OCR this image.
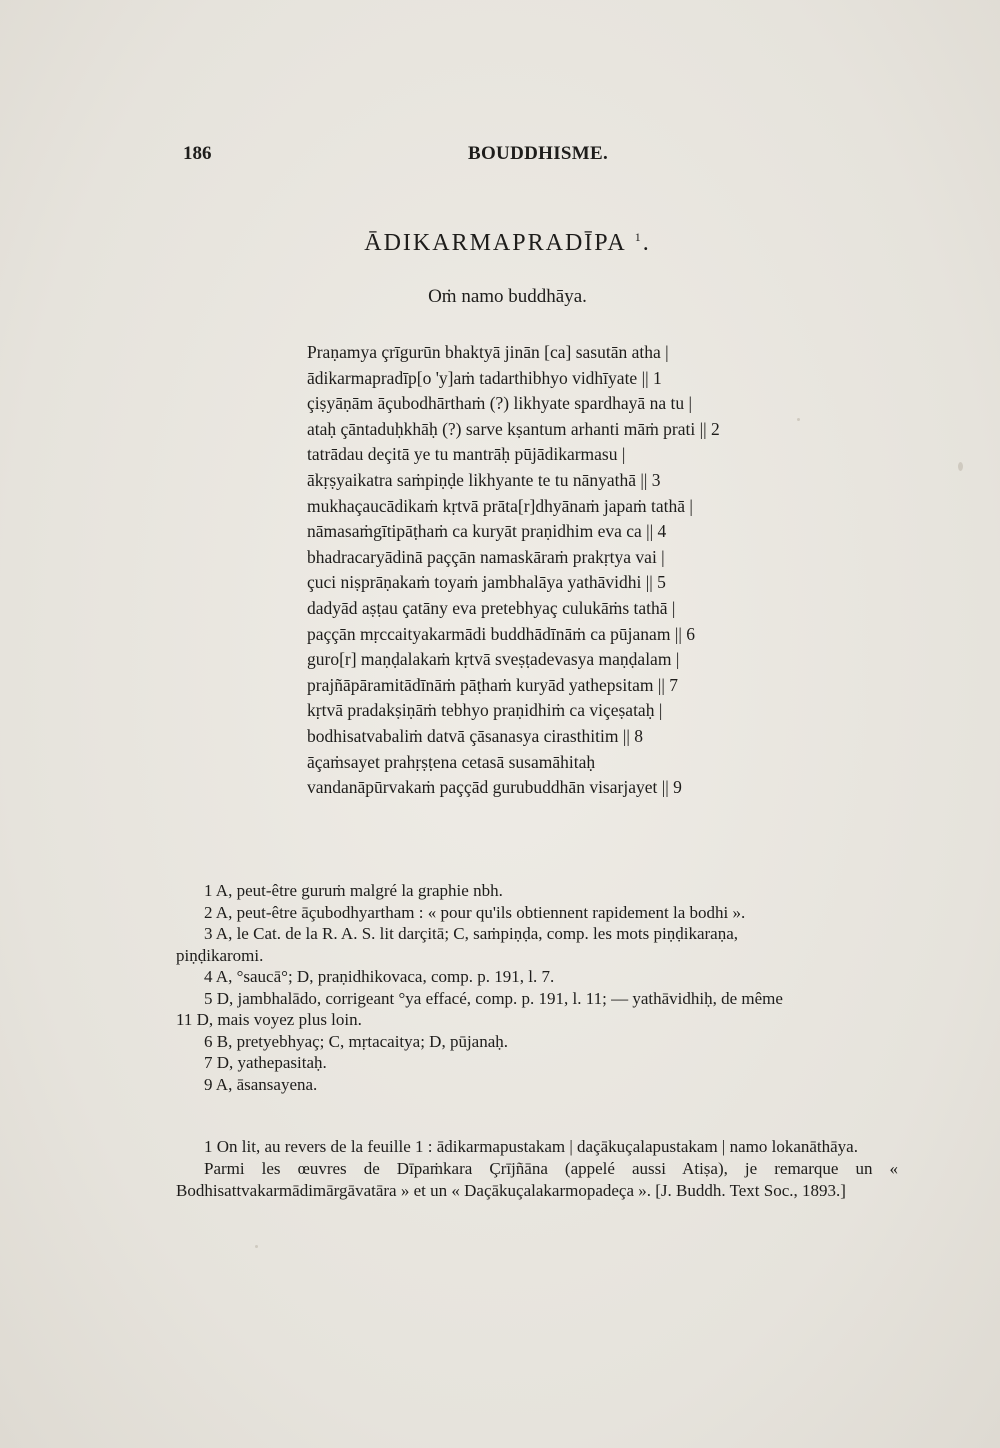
186	BOUDDHISME.
ĀDIKARMAPRADĪPA $^1$.
Oṁ namo buddhāya.
Praṇamya çrīgurūn bhaktyā jinān [ca] sasutān atha |
ādikarmapradīp[o 'y]aṁ tadarthibhyo vidhīyate || 1
çiṣyāṇām āçubodhārthaṁ (?) likhyate spardhayā na tu |
ataḥ çāntaduḥkhāḥ (?) sarve kṣantum arhanti māṁ prati || 2
tatrādau deçitā ye tu mantrāḥ pūjādikarmasu |
ākṛṣyaikatra saṁpiṇḍe likhyante te tu nānyathā || 3
mukhaçaucādikaṁ kṛtvā prāta[r]dhyānaṁ japaṁ tathā |
nāmasaṁgītipāṭhaṁ ca kuryāt praṇidhim eva ca || 4
bhadracaryādinā paççān namaskāraṁ prakṛtya vai |
çuci niṣprāṇakaṁ toyaṁ jambhalāya yathāvidhi || 5
dadyād aṣṭau çatāny eva pretebhyaç culukāṁs tathā |
paççān mṛccaityakarmādi buddhādīnāṁ ca pūjanam || 6
guro[r] maṇḍalakaṁ kṛtvā sveṣṭadevasya maṇḍalam |
prajñāpāramitādīnāṁ pāṭhaṁ kuryād yathepsitam || 7
kṛtvā pradakṣiṇāṁ tebhyo praṇidhiṁ ca viçeṣataḥ |
bodhisatvabaliṁ datvā çāsanasya cirasthitim || 8
āçaṁsayet prahṛṣṭena cetasā susamāhitaḥ
vandanāpūrvakaṁ paççād gurubuddhān visarjayet || 9
1 A, peut-être guruṁ malgré la graphie nbh.
2 A, peut-être āçubodhyartham : « pour qu'ils obtiennent rapidement la bodhi ».
3 A, le Cat. de la R. A. S. lit darçitā; C, saṁpiṇḍa, comp. les mots piṇḍikaraṇa,
piṇḍikaromi.
4 A, °saucā°; D, praṇidhikovaca, comp. p. 191, l. 7.
5 D, jambhalādo, corrigeant °ya effacé, comp. p. 191, l. 11; — yathāvidhiḥ, de même
11 D, mais voyez plus loin.
6 B, pretyebhyaç; C, mṛtacaitya; D, pūjanaḥ.
7 D, yathepasitaḥ.
9 A, āsansayena.
1 On lit, au revers de la feuille 1 : ādikarmapustakam | daçākuçalapustakam | namo lokanāthāya.
Parmi les œuvres de Dīpaṁkara Çrījñāna (appelé aussi Atiṣa), je remarque un « Bodhisattvakarmādimārgāvatāra » et un « Daçākuçalakarmopadeça ». [J. Buddh. Text Soc., 1893.]
